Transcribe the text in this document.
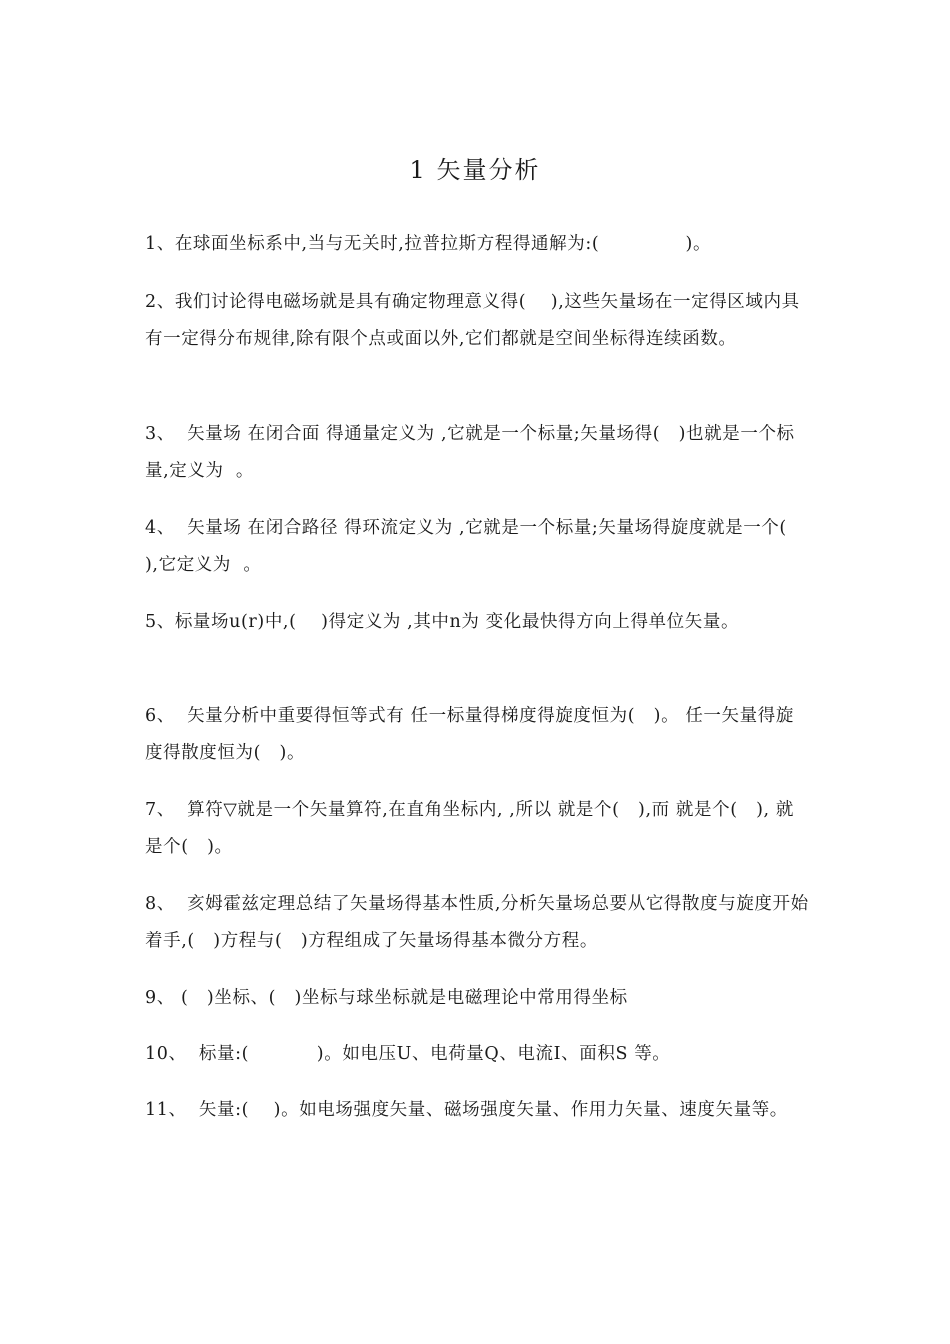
1 矢量分析
1、在球面坐标系中,当与无关时,拉普拉斯方程得通解为:(              )。
2、我们讨论得电磁场就是具有确定物理意义得(    ),这些矢量场在一定得区域内具有一定得分布规律,除有限个点或面以外,它们都就是空间坐标得连续函数。
3、  矢量场 在闭合面 得通量定义为 ,它就是一个标量;矢量场得(   )也就是一个标量,定义为  。
4、  矢量场 在闭合路径 得环流定义为 ,它就是一个标量;矢量场得旋度就是一个(   ),它定义为  。
5、标量场u(r)中,(    )得定义为 ,其中n为 变化最快得方向上得单位矢量。
6、  矢量分析中重要得恒等式有 任一标量得梯度得旋度恒为(   )。 任一矢量得旋度得散度恒为(   )。
7、  算符▽就是一个矢量算符,在直角坐标内, ,所以 就是个(   ),而 就是个(   ), 就是个(   )。
8、  亥姆霍兹定理总结了矢量场得基本性质,分析矢量场总要从它得散度与旋度开始着手,(   )方程与(   )方程组成了矢量场得基本微分方程。
9、 (   )坐标、(   )坐标与球坐标就是电磁理论中常用得坐标
10、  标量:(           )。如电压U、电荷量Q、电流I、面积S 等。
11、  矢量:(    )。如电场强度矢量、磁场强度矢量、作用力矢量、速度矢量等。
